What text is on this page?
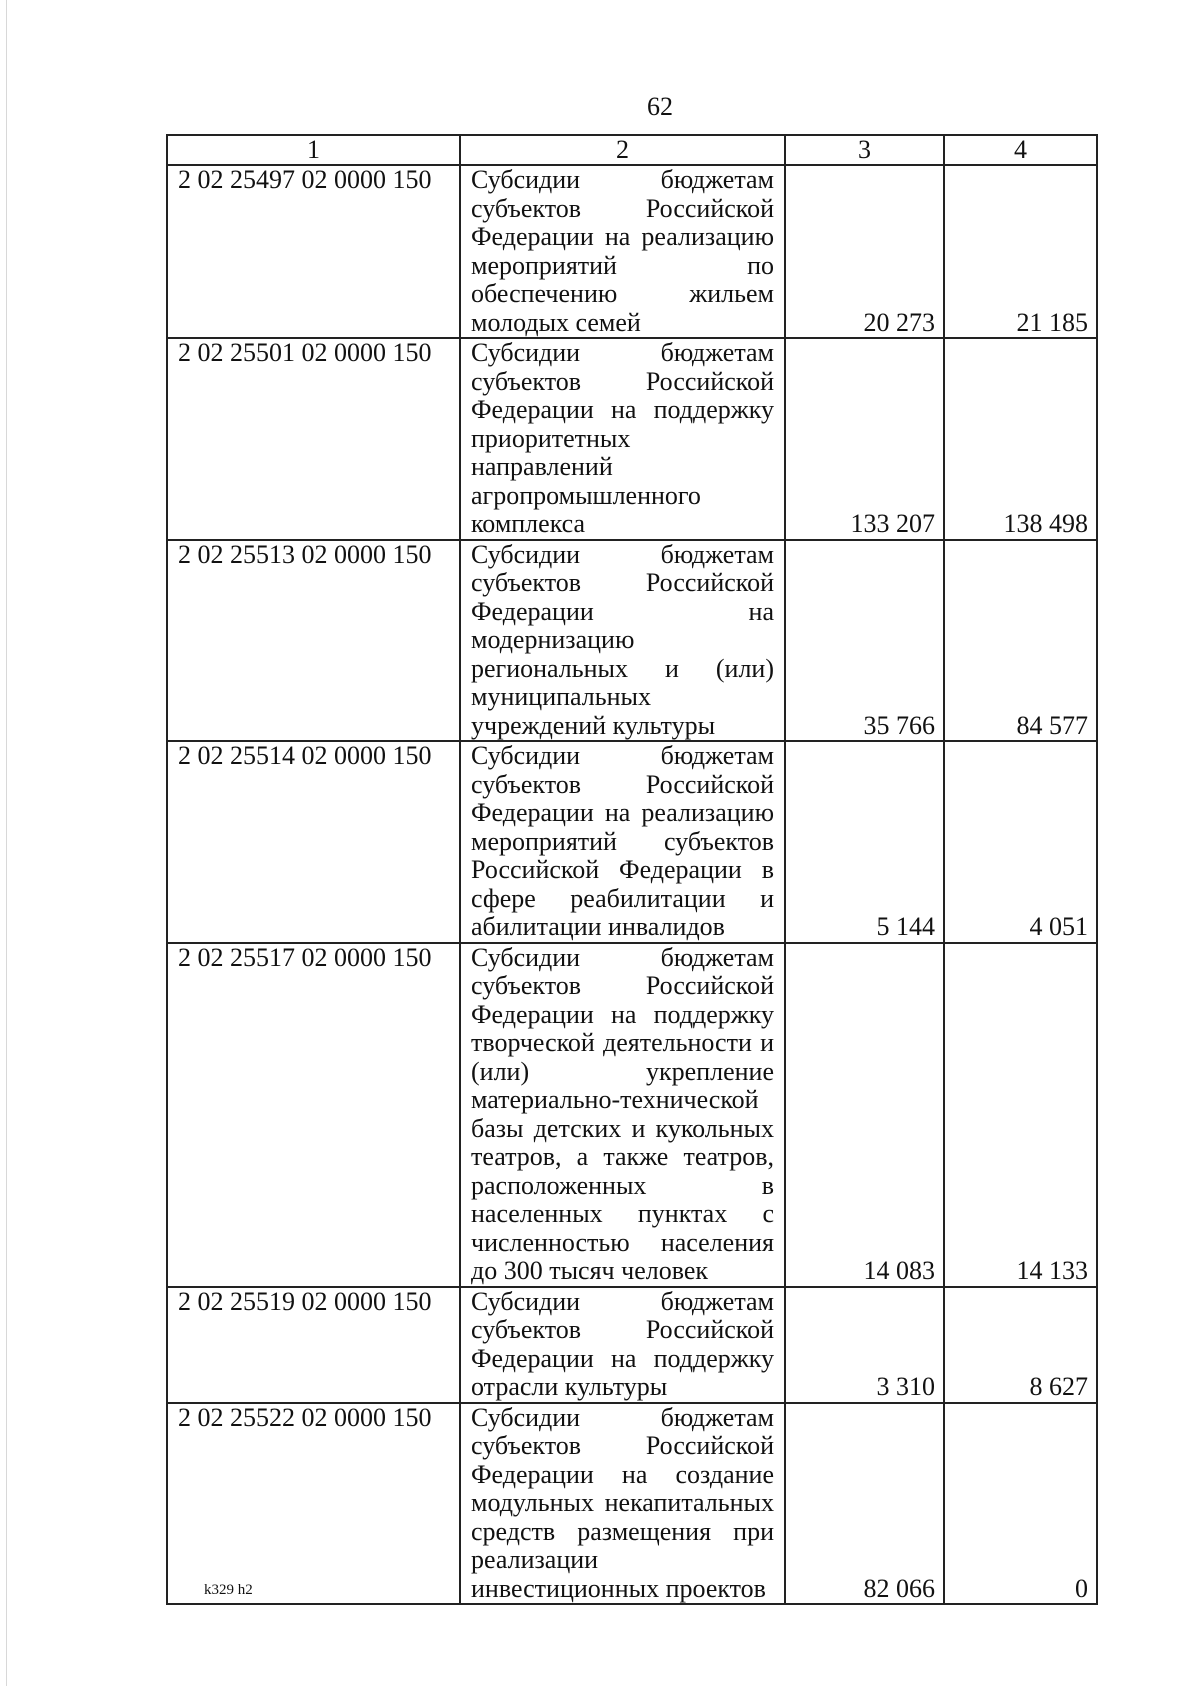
62

1	2	3	4
2 02 25497 02 0000 150	Субсидии бюджетам субъектов Российской Федерации на реализацию мероприятий по обеспечению жильем молодых семей	20 273	21 185
2 02 25501 02 0000 150	Субсидии бюджетам субъектов Российской Федерации на поддержку приоритетных направлений агропромышленного комплекса	133 207	138 498
2 02 25513 02 0000 150	Субсидии бюджетам субъектов Российской Федерации на модернизацию региональных и (или) муниципальных учреждений культуры	35 766	84 577
2 02 25514 02 0000 150	Субсидии бюджетам субъектов Российской Федерации на реализацию мероприятий субъектов Российской Федерации в сфере реабилитации и абилитации инвалидов	5 144	4 051
2 02 25517 02 0000 150	Субсидии бюджетам субъектов Российской Федерации на поддержку творческой деятельности и (или) укрепление материально-технической базы детских и кукольных театров, а также театров, расположенных в населенных пунктах с численностью населения до 300 тысяч человек	14 083	14 133
2 02 25519 02 0000 150	Субсидии бюджетам субъектов Российской Федерации на поддержку отрасли культуры	3 310	8 627
2 02 25522 02 0000 150	Субсидии бюджетам субъектов Российской Федерации на создание модульных некапитальных средств размещения при реализации инвестиционных проектов	82 066	0

k329 h2
